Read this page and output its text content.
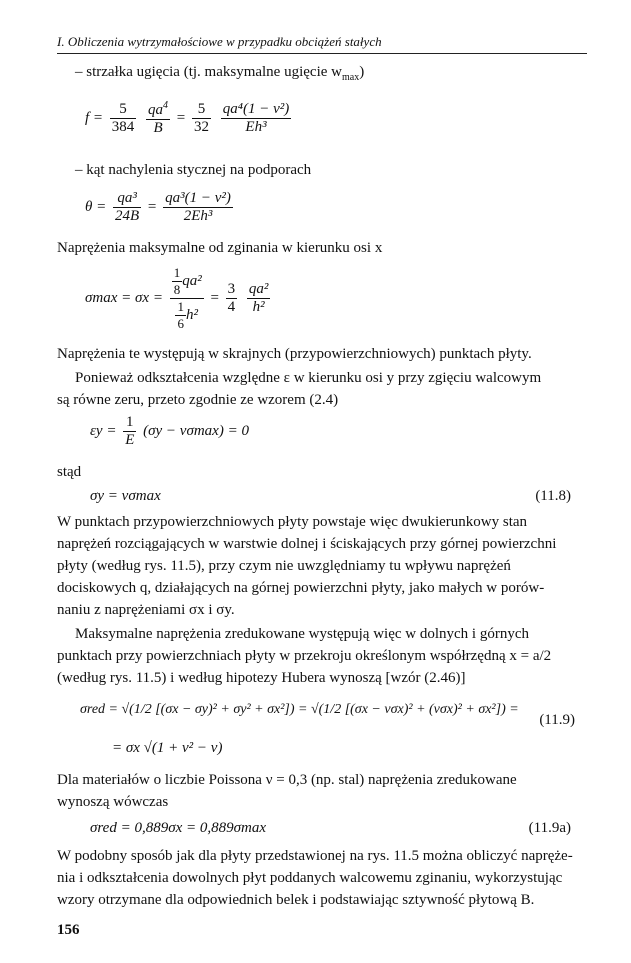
I. Obliczenia wytrzymałościowe w przypadku obciążeń stałych
– strzałka ugięcia (tj. maksymalne ugięcie $w_{max}$)
$f = \frac{5}{384}$
$\frac{qa^4}{B} = \frac{5}{32}$
$\frac{\text{qa⁴(1 − ν²)}}{\text{Eh³}}$
– kąt nachylenia stycznej na podporach
$\theta = \frac{\text{qa³}}{24B} = \frac{\text{qa³(1 − ν²)}}{\text{2Eh³}}$
Naprężenia maksymalne od zginania w kierunku osi x
$\sigma\max = \sigma x = \frac{\frac{1}{8} qa^2}{\frac{1}{6} h^2} = \frac{3}{4}$
$\frac{\text{qa²}}{\text{h²}}$
Naprężenia te występują w skrajnych (przypowierzchniowych) punktach płyty.
Ponieważ odkształcenia względne ε w kierunku osi y przy zgięciu walcowym
są równe zeru, przeto zgodnie ze wzorem (2.4)
$\varepsilon y = \frac{1}{E} (\sigma y - \nu\sigma\max) = 0$
stąd
σy = νσmax	(11.8)
W punktach przypowierzchniowych płyty powstaje więc dwukierunkowy stan
naprężeń rozciągających w warstwie dolnej i ściskających przy górnej powierzchni
płyty (według rys. 11.5), przy czym nie uwzględniamy tu wpływu naprężeń
dociskowych q, działających na górnej powierzchni płyty, jako małych w porów-
naniu z naprężeniami σx i σy.
Maksymalne naprężenia zredukowane występują więc w dolnych i górnych
punktach przy powierzchniach płyty w przekroju określonym współrzędną x = a/2
(według rys. 11.5) i według hipotezy Hubera wynoszą [wzór (2.46)]
σred = √(1/2 [(σx − σy)² + σy² + σx²]) = √(1/2 [(σx − νσx)² + (νσx)² + σx²]) =
(11.9)
= σx √(1 + ν² − ν)
Dla materiałów o liczbie Poissona ν = 0,3 (np. stal) naprężenia zredukowane
wynoszą wówczas
σred = 0,889σx = 0,889σmax	(11.9a)
W podobny sposób jak dla płyty przedstawionej na rys. 11.5 można obliczyć napręże-
nia i odkształcenia dowolnych płyt poddanych walcowemu zginaniu, wykorzystując
wzory otrzymane dla odpowiednich belek i podstawiając sztywność płytową B.
156
